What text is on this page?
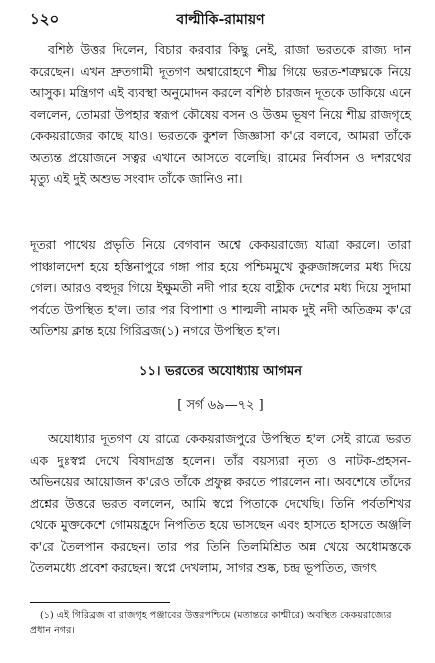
১২০	বাল্মীকি-রামায়ণ

বশিষ্ঠ উত্তর দিলেন, বিচার করবার কিছু নেই, রাজা ভরতকে রাজ্য দান করেছেন। এখন দ্রুতগামী দূতগণ অশ্বারোহণে শীঘ্র গিয়ে ভরত-শত্রুঘ্নকে নিয়ে আসুক। মন্ত্রিগণ এই ব্যবস্থা অনুমোদন করলে বশিষ্ঠ চারজন দূতকে ডাকিয়ে এনে বললেন, তোমরা উপহার স্বরূপ কৌষেয় বসন ও উত্তম ভূষণ নিয়ে শীঘ্র রাজগৃহে কেকয়রাজের কাছে যাও। ভরতকে কুশল জিজ্ঞাসা ক'রে বলবে, আমরা তাঁকে অত্যন্ত প্রয়োজনে সত্বর এখানে আসতে বলেছি। রামের নির্বাসন ও দশরথের মৃত্যু এই দুই অশুভ সংবাদ তাঁকে জানিও না।

দূতরা পাথেয় প্রভৃতি নিয়ে বেগবান অশ্বে কেকয়রাজ্যে যাত্রা করলে। তারা পাঞ্চালদেশ হয়ে হস্তিনাপুরে গঙ্গা পার হয়ে পশ্চিমমুখে কুরুজাঙ্গলের মধ্য দিয়ে গেল। আরও বহুদূর গিয়ে ইক্ষুমতী নদী পার হয়ে বাহ্লীক দেশের মধ্য দিয়ে সুদামা পর্বতে উপস্থিত হ'ল। তার পর বিপাশা ও শাল্মলী নামক দুই নদী অতিক্রম ক'রে অতিশয় ক্লান্ত হয়ে গিরিব্রজ(১) নগরে উপস্থিত হ'ল।

১১। ভরতের অযোধ্যায় আগমন

[ সর্গ ৬৯—৭২ ]

অযোধ্যার দূতগণ যে রাত্রে কেকয়রাজপুরে উপস্থিত হ'ল সেই রাত্রে ভরত এক দুঃস্বপ্ন দেখে বিষাদগ্রস্ত হলেন। তাঁর বয়স্যরা নৃত্য ও নাটক-প্রহসন-অভিনয়ের আয়োজন ক'রেও তাঁকে প্রফুল্ল করতে পারলেন না। অবশেষে তাঁদের প্রশ্নের উত্তরে ভরত বললেন, আমি স্বপ্নে পিতাকে দেখেছি। তিনি পর্বতশিখর থেকে মুক্তকেশে গোময়হ্রদে নিপতিত হয়ে ভাসছেন এবং হাসতে হাসতে অঞ্জলি ক'রে তৈলপান করছেন। তার পর তিনি তিলমিশ্রিত অন্ন খেয়ে অধোমস্তকে তৈলমধ্যে প্রবেশ করছেন। স্বপ্নে দেখলাম, সাগর শুষ্ক, চন্দ্র ভূপতিত, জগৎ

(১) এই গিরিব্রজ বা রাজগৃহ পঞ্জাবের উত্তরপশ্চিমে (মতান্তরে কাশ্মীরে) অবস্থিত কেকয়রাজ্যের প্রধান নগর।
